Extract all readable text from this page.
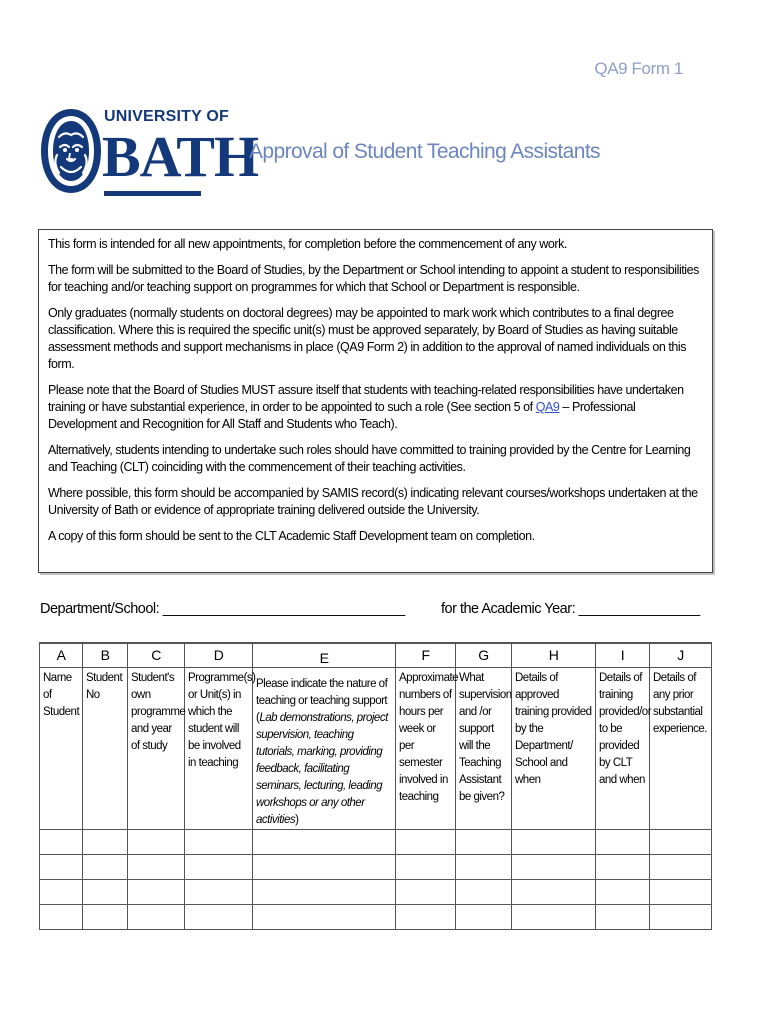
QA9 Form 1
UNIVERSITY OF
BATH
Approval of Student Teaching Assistants

This form is intended for all new appointments, for completion before the commencement of any work.

The form will be submitted to the Board of Studies, by the Department or School intending to appoint a student to responsibilities for teaching and/or teaching support on programmes for which that School or Department is responsible.

Only graduates (normally students on doctoral degrees) may be appointed to mark work which contributes to a final degree classification. Where this is required the specific unit(s) must be approved separately, by Board of Studies as having suitable assessment methods and support mechanisms in place (QA9 Form 2) in addition to the approval of named individuals on this form.

Please note that the Board of Studies MUST assure itself that students with teaching-related responsibilities have undertaken training or have substantial experience, in order to be appointed to such a role (See section 5 of QA9 – Professional Development and Recognition for All Staff and Students who Teach).

Alternatively, students intending to undertake such roles should have committed to training provided by the Centre for Learning and Teaching (CLT) coinciding with the commencement of their teaching activities.

Where possible, this form should be accompanied by SAMIS record(s) indicating relevant courses/workshops undertaken at the University of Bath or evidence of appropriate training delivered outside the University.

A copy of this form should be sent to the CLT Academic Staff Development team on completion.

Department/School: ________________________________	for the Academic Year: ________________
A	B	C	D	E	F	G	H	I	J
Name of Student	Student No	Student's own programme and year of study	Programme(s) or Unit(s) in which the student will be involved in teaching	Please indicate the nature of teaching or teaching support (Lab demonstrations, project supervision, teaching tutorials, marking, providing feedback, facilitating seminars, lecturing, leading workshops or any other activities)	Approximate numbers of hours per week or per semester involved in teaching	What supervision and /or support will the Teaching Assistant be given?	Details of approved training provided by the Department/ School and when	Details of training provided/or to be provided by CLT and when	Details of any prior substantial experience.
